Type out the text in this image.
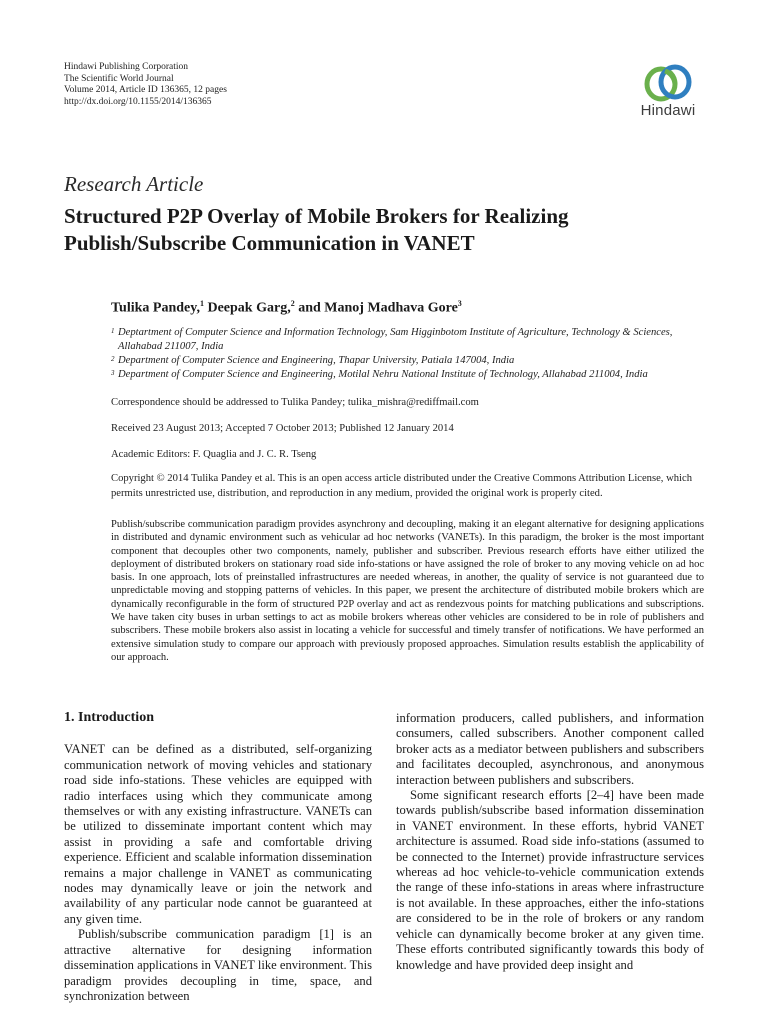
Hindawi Publishing Corporation
The Scientific World Journal
Volume 2014, Article ID 136365, 12 pages
http://dx.doi.org/10.1155/2014/136365
Hindawi
Research Article
Structured P2P Overlay of Mobile Brokers for Realizing Publish/Subscribe Communication in VANET
Tulika Pandey,$^1$ Deepak Garg,$^2$ and Manoj Madhava Gore$^3$
1 Deptartment of Computer Science and Information Technology, Sam Higginbotom Institute of Agriculture, Technology & Sciences, Allahabad 211007, India
2 Department of Computer Science and Engineering, Thapar University, Patiala 147004, India
3 Department of Computer Science and Engineering, Motilal Nehru National Institute of Technology, Allahabad 211004, India
Correspondence should be addressed to Tulika Pandey; tulika_mishra@rediffmail.com
Received 23 August 2013; Accepted 7 October 2013; Published 12 January 2014
Academic Editors: F. Quaglia and J. C. R. Tseng
Copyright © 2014 Tulika Pandey et al. This is an open access article distributed under the Creative Commons Attribution License, which permits unrestricted use, distribution, and reproduction in any medium, provided the original work is properly cited.
Publish/subscribe communication paradigm provides asynchrony and decoupling, making it an elegant alternative for designing applications in distributed and dynamic environment such as vehicular ad hoc networks (VANETs). In this paradigm, the broker is the most important component that decouples other two components, namely, publisher and subscriber. Previous research efforts have either utilized the deployment of distributed brokers on stationary road side info-stations or have assigned the role of broker to any moving vehicle on ad hoc basis. In one approach, lots of preinstalled infrastructures are needed whereas, in another, the quality of service is not guaranteed due to unpredictable moving and stopping patterns of vehicles. In this paper, we present the architecture of distributed mobile brokers which are dynamically reconfigurable in the form of structured P2P overlay and act as rendezvous points for matching publications and subscriptions. We have taken city buses in urban settings to act as mobile brokers whereas other vehicles are considered to be in role of publishers and subscribers. These mobile brokers also assist in locating a vehicle for successful and timely transfer of notifications. We have performed an extensive simulation study to compare our approach with previously proposed approaches. Simulation results establish the applicability of our approach.
1. Introduction

VANET can be defined as a distributed, self-organizing communication network of moving vehicles and stationary road side info-stations. These vehicles are equipped with radio interfaces using which they communicate among themselves or with any existing infrastructure. VANETs can be utilized to disseminate important content which may assist in providing a safe and comfortable driving experience. Efficient and scalable information dissemination remains a major challenge in VANET as communicating nodes may dynamically leave or join the network and availability of any particular node cannot be guaranteed at any given time.

Publish/subscribe communication paradigm [1] is an attractive alternative for designing information dissemination applications in VANET like environment. This paradigm provides decoupling in time, space, and synchronization between

information producers, called publishers, and information consumers, called subscribers. Another component called broker acts as a mediator between publishers and subscribers and facilitates decoupled, asynchronous, and anonymous interaction between publishers and subscribers.

Some significant research efforts [2–4] have been made towards publish/subscribe based information dissemination in VANET environment. In these efforts, hybrid VANET architecture is assumed. Road side info-stations (assumed to be connected to the Internet) provide infrastructure services whereas ad hoc vehicle-to-vehicle communication extends the range of these info-stations in areas where infrastructure is not available. In these approaches, either the info-stations are considered to be in the role of brokers or any random vehicle can dynamically become broker at any given time. These efforts contributed significantly towards this body of knowledge and have provided deep insight and
